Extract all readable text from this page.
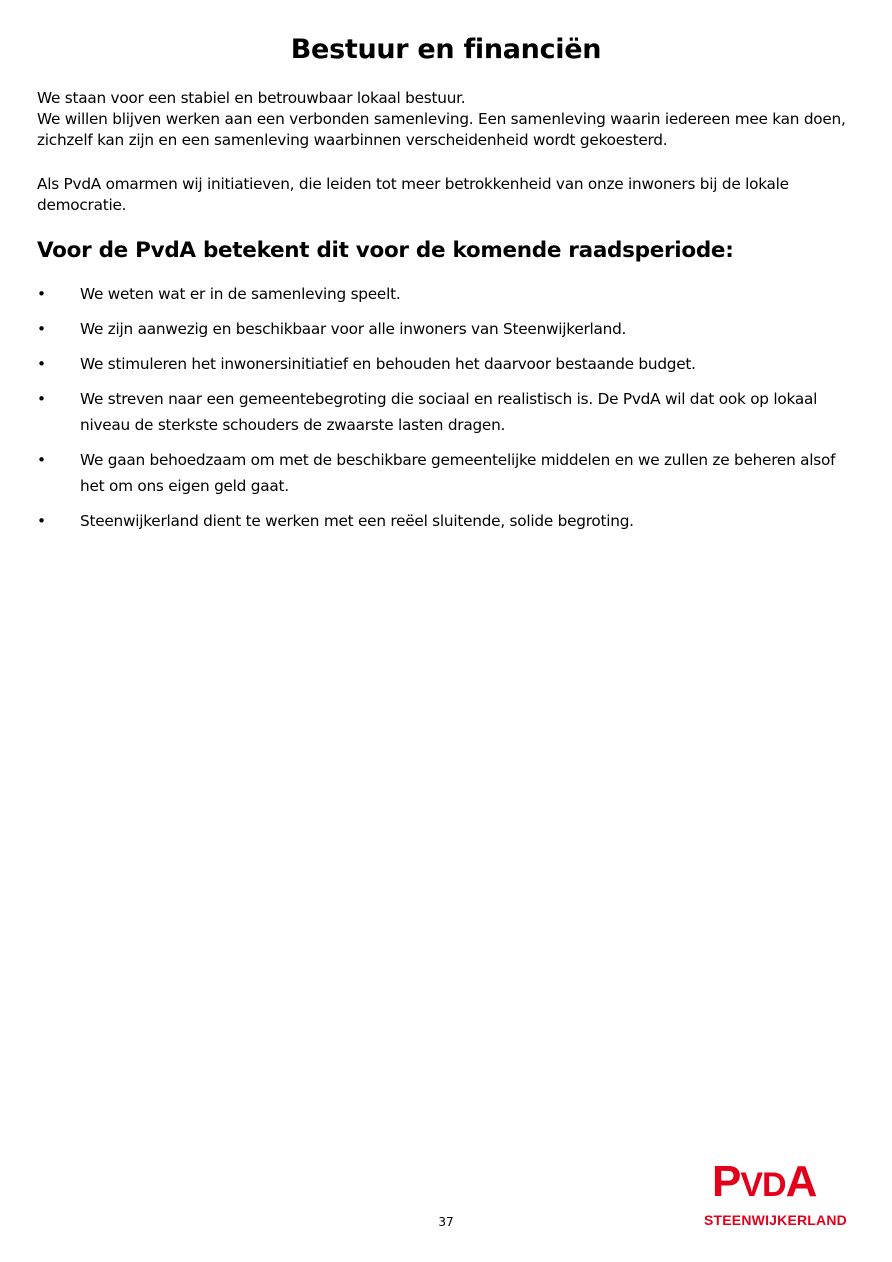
Bestuur en financiën

We staan voor een stabiel en betrouwbaar lokaal bestuur.

We willen blijven werken aan een verbonden samenleving. Een samenleving waarin iedereen mee kan doen, zichzelf kan zijn en een samenleving waarbinnen verscheidenheid wordt gekoesterd.

Als PvdA omarmen wij initiatieven, die leiden tot meer betrokkenheid van onze inwoners bij de lokale democratie.

Voor de PvdA betekent dit voor de komende raadsperiode:
•	We weten wat er in de samenleving speelt.
•	We zijn aanwezig en beschikbaar voor alle inwoners van Steenwijkerland.
•	We stimuleren het inwonersinitiatief en behouden het daarvoor bestaande budget.
•	We streven naar een gemeentebegroting die sociaal en realistisch is. De PvdA wil dat ook op lokaal niveau de sterkste schouders de zwaarste lasten dragen.
•	We gaan behoedzaam om met de beschikbare gemeentelijke middelen en we zullen ze beheren alsof het om ons eigen geld gaat.
•	Steenwijkerland dient te werken met een reëel sluitende, solide begroting.
37
PVDA
STEENWIJKERLAND
